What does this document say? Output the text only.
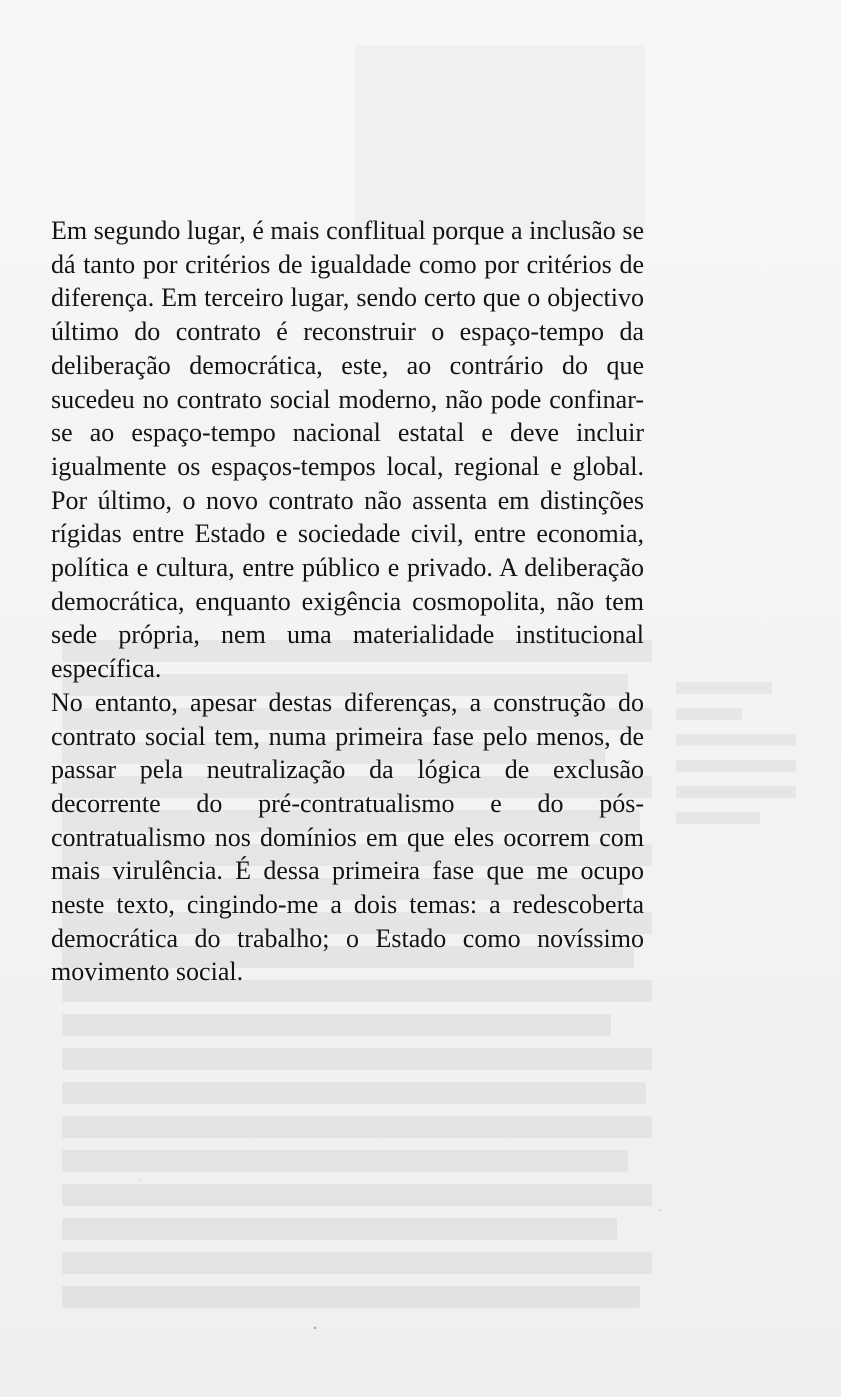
Em segundo lugar, é mais conflitual porque a inclusão se dá tanto por critérios de igualdade como por critérios de diferença. Em terceiro lugar, sendo certo que o objectivo último do contrato é reconstruir o espaço-tempo da deliberação democrática, este, ao contrário do que sucedeu no contrato social moderno, não pode confinar-se ao espaço-tempo nacional estatal e deve incluir igualmente os espaços-tempos local, regional e global. Por último, o novo contrato não assenta em distinções rígidas entre Estado e sociedade civil, entre economia, política e cultura, entre público e privado. A deliberação democrática, enquanto exigência cosmopolita, não tem sede própria, nem uma materialidade institucional específica.

No entanto, apesar destas diferenças, a construção do contrato social tem, numa primeira fase pelo menos, de passar pela neutralização da lógica de exclusão decorrente do pré-contratualismo e do pós-contratualismo nos domínios em que eles ocorrem com mais virulência. É dessa primeira fase que me ocupo neste texto, cingindo-me a dois temas: a redescoberta democrática do trabalho; o Estado como novíssimo movimento social.
